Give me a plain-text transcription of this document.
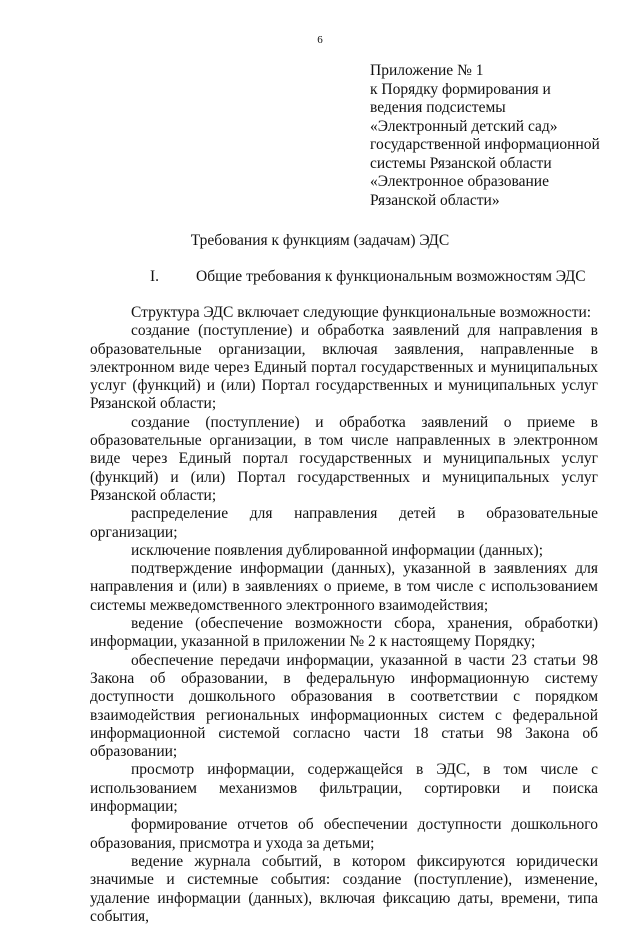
6
Приложение № 1
к Порядку формирования и
ведения подсистемы
«Электронный детский сад»
государственной информационной
системы Рязанской области
«Электронное образование
Рязанской области»
Требования к функциям (задачам) ЭДС
I. Общие требования к функциональным возможностям ЭДС

Структура ЭДС включает следующие функциональные возможности:

создание (поступление) и обработка заявлений для направления в образовательные организации, включая заявления, направленные в электронном виде через Единый портал государственных и муниципальных услуг (функций) и (или) Портал государственных и муниципальных услуг Рязанской области;

создание (поступление) и обработка заявлений о приеме в образовательные организации, в том числе направленных в электронном виде через Единый портал государственных и муниципальных услуг (функций) и (или) Портал государственных и муниципальных услуг Рязанской области;

распределение для направления детей в образовательные организации;

исключение появления дублированной информации (данных);

подтверждение информации (данных), указанной в заявлениях для направления и (или) в заявлениях о приеме, в том числе с использованием системы межведомственного электронного взаимодействия;

ведение (обеспечение возможности сбора, хранения, обработки) информации, указанной в приложении № 2 к настоящему Порядку;

обеспечение передачи информации, указанной в части 23 статьи 98 Закона об образовании, в федеральную информационную систему доступности дошкольного образования в соответствии с порядком взаимодействия региональных информационных систем с федеральной информационной системой согласно части 18 статьи 98 Закона об образовании;

просмотр информации, содержащейся в ЭДС, в том числе с использованием механизмов фильтрации, сортировки и поиска информации;

формирование отчетов об обеспечении доступности дошкольного образования, присмотра и ухода за детьми;

ведение журнала событий, в котором фиксируются юридически значимые и системные события: создание (поступление), изменение, удаление информации (данных), включая фиксацию даты, времени, типа события,
